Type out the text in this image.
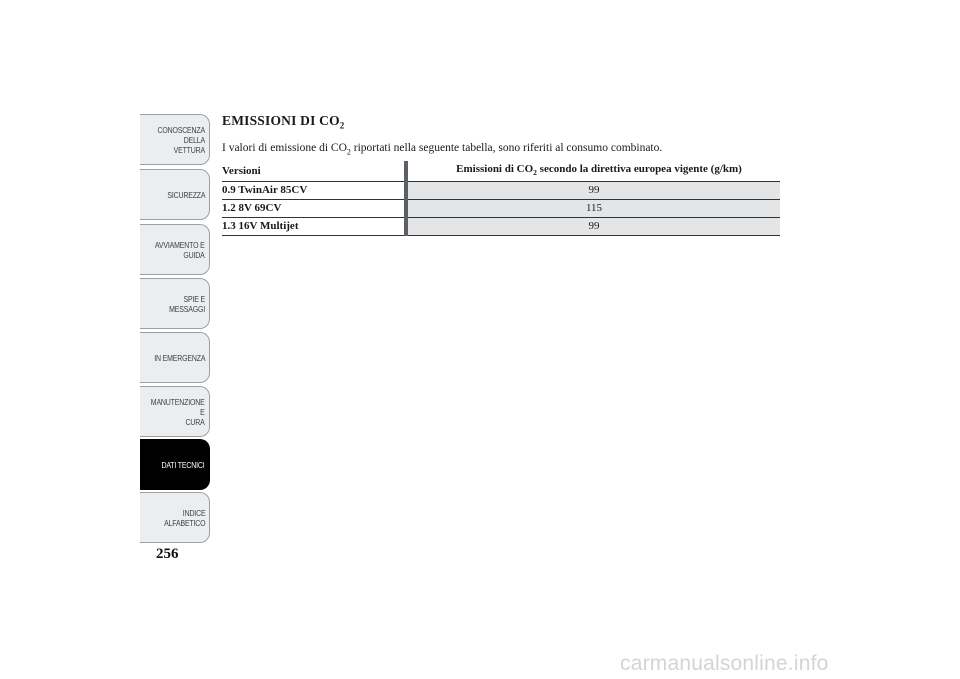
CONOSCENZA
DELLA VETTURA
SICUREZZA
AVVIAMENTO E
GUIDA
SPIE E MESSAGGI
IN EMERGENZA
MANUTENZIONE E
CURA
DATI TECNICI
INDICE
ALFABETICO
256
EMISSIONI DI $CO_2$

I valori di emissione di $CO_2$ riportati nella seguente tabella, sono riferiti al consumo combinato.

Versioni		Emissioni di $CO_2$ secondo la direttiva europea vigente (g/km)
0.9 TwinAir 85CV		99
1.2 8V 69CV		115
1.3 16V Multijet		99
carmanualsonline.info
